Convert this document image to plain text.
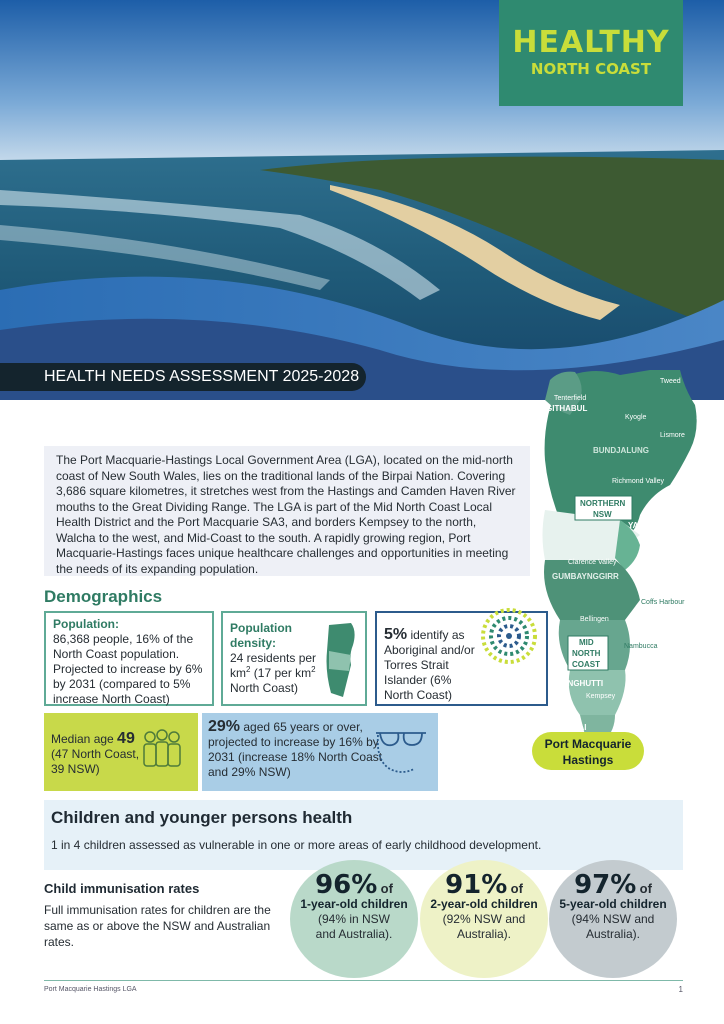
HEALTHY
NORTH COAST
Tweed
Tenterfield
GITHABUL
Kyogle	Byron
Lismore
Ballina
BUNDJALUNG
Richmond Valley
NORTHERN
NSW
YAEGL
Clarence Valley
GUMBAYNGGIRR
Coffs Harbour
Bellingen
MID
NORTH
COAST
Nambucca
DUNGHUTTI
Kempsey
BIRPAI
Port Macquarie
Hastings
HEALTH NEEDS ASSESSMENT 2025-2028
Port Macquarie Hastings LGA
The Port Macquarie-Hastings Local Government Area (LGA), located on the mid-north coast of New South Wales, lies on the traditional lands of the Birpai Nation. Covering 3,686 square kilometres, it stretches west from the Hastings and Camden Haven River mouths to the Great Dividing Range. The LGA is part of the Mid North Coast Local Health District and the Port Macquarie SA3, and borders Kempsey to the north, Walcha to the west, and Mid-Coast to the south. A rapidly growing region, Port Macquarie-Hastings faces unique healthcare challenges and opportunities in meeting the needs of its expanding population.
Demographics
Population:
86,368 people, 16% of the North Coast population. Projected to increase by 6% by 2031 (compared to 5% increase North Coast)
Population density:
24 residents per $km^2$ (17 per $km^2$ North Coast)
5% identify as Aboriginal and/or Torres Strait Islander (6% North Coast)
Median age 49
(47 North Coast, 39 NSW)
29% aged 65 years or over, projected to increase by 16% by 2031 (increase 18% North Coast and 29% NSW)
Children and younger persons health

1 in 4 children assessed as vulnerable in one or more areas of early childhood development.

Child immunisation rates
Full immunisation rates for children are the same as or above the NSW and Australian rates.
96% of
1-year-old children
(94% in NSW and Australia).
91% of
2-year-old children
(92% NSW and Australia).
97% of
5-year-old children
(94% NSW and Australia).
Port Macquarie Hastings LGA	1
